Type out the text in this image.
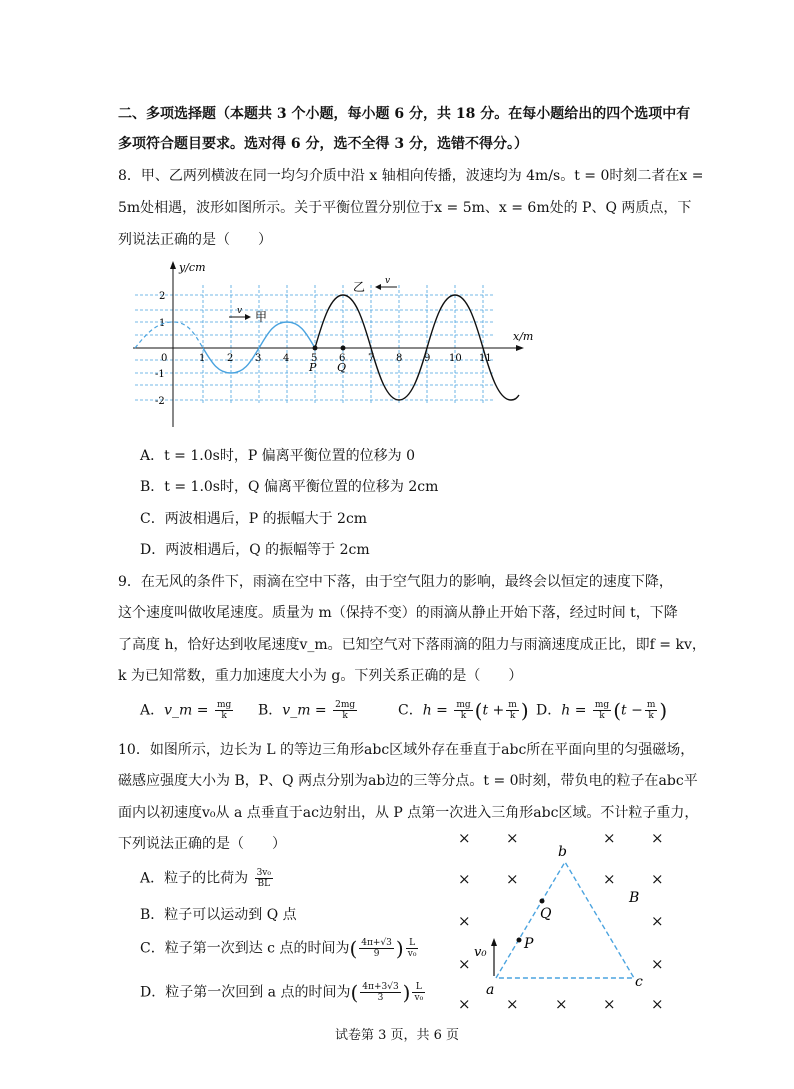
二、多项选择题（本题共 3 个小题，每小题 6 分，共 18 分。在每小题给出的四个选项中有
多项符合题目要求。选对得 6 分，选不全得 3 分，选错不得分。）
8．甲、乙两列横波在同一均匀介质中沿 x 轴相向传播，波速均为 4m/s。t = 0时刻二者在x =
5m处相遇，波形如图所示。关于平衡位置分别位于x = 5m、x = 6m处的 P、Q 两质点，下
列说法正确的是（　　）
y/cm
x/m
2
1
-1
-2
0	1 2 3 4 5 6 7 8 9 10 11
乙 v
v 甲
P Q
A．t = 1.0s时，P 偏离平衡位置的位移为 0
B．t = 1.0s时，Q 偏离平衡位置的位移为 2cm
C．两波相遇后，P 的振幅大于 2cm
D．两波相遇后，Q 的振幅等于 2cm
9．在无风的条件下，雨滴在空中下落，由于空气阻力的影响，最终会以恒定的速度下降，
这个速度叫做收尾速度。质量为 m（保持不变）的雨滴从静止开始下落，经过时间 t，下降
了高度 h，恰好达到收尾速度v_m。已知空气对下落雨滴的阻力与雨滴速度成正比，即f = kv，
k 为已知常数，重力加速度大小为 g。下列关系正确的是（　　）
A．v_m = $\frac{mg}{k}$ B．v_m = $\frac{2mg}{k}$	C．$h = \frac{mg}{k} (t + \frac{m}{k}$ ) D．$h = \frac{mg}{k} (t - \frac{m}{k}$ )
10．如图所示，边长为 L 的等边三角形abc区域外存在垂直于abc所在平面向里的匀强磁场，
磁感应强度大小为 B，P、Q 两点分别为ab边的三等分点。t = 0时刻，带负电的粒子在abc平
面内以初速度v₀从 a 点垂直于ac边射出，从 P 点第一次进入三角形abc区域。不计粒子重力，
下列说法正确的是（　　）
A．粒子的比荷为 $\frac{\text{3v₀}}{BL}$
B．粒子可以运动到 Q 点
C．粒子第一次到达 c 点的时间为( $\frac{4\pi+√3}{9}$ ) $\frac{L}{\text{v₀}}$
D．粒子第一次回到 a 点的时间为( $\frac{4\pi+3√3}{3}$ ) $\frac{L}{\text{v₀}}$
× ×	× ×
× ×	× ×
×	×
×	×
× × × × ×
v₀
P
Q
b
a	c
B
试卷第 3 页，共 6 页
